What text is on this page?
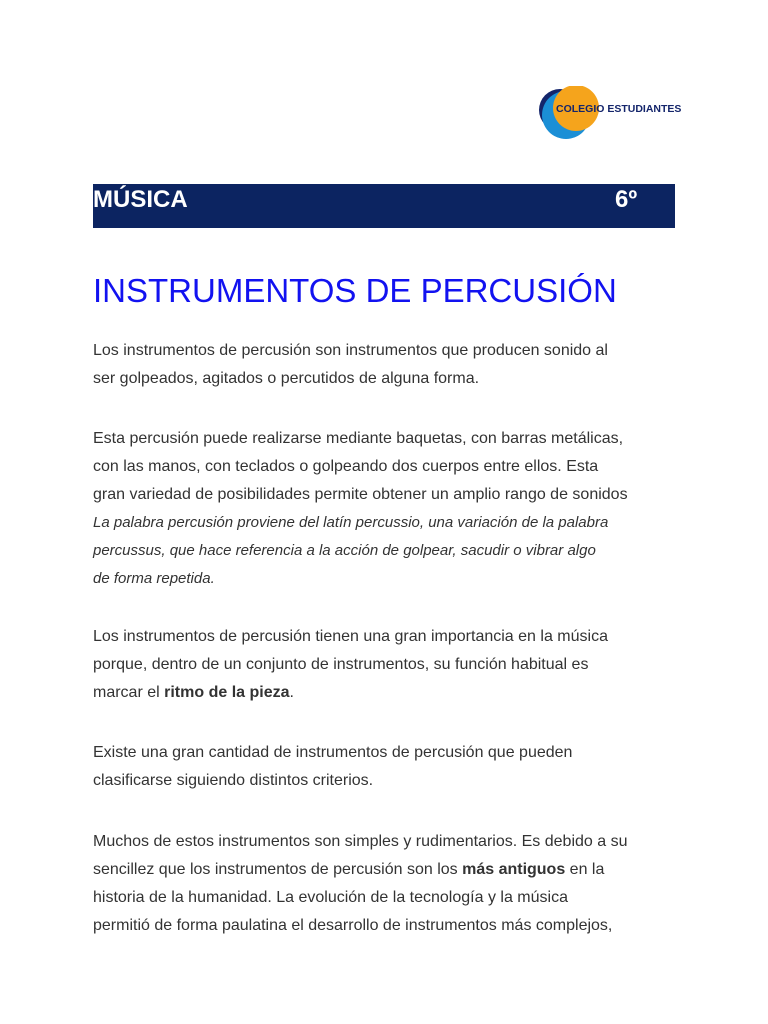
COLEGIO ESTUDIANTES
MÚSICA	6º
INSTRUMENTOS DE PERCUSIÓN

Los instrumentos de percusión son instrumentos que producen sonido al
ser golpeados, agitados o percutidos de alguna forma.

Esta percusión puede realizarse mediante baquetas, con barras metálicas,
con las manos, con teclados o golpeando dos cuerpos entre ellos. Esta
gran variedad de posibilidades permite obtener un amplio rango de sonidos
La palabra percusión proviene del latín percussio, una variación de la palabra
percussus, que hace referencia a la acción de golpear, sacudir o vibrar algo
de forma repetida.

Los instrumentos de percusión tienen una gran importancia en la música
porque, dentro de un conjunto de instrumentos, su función habitual es
marcar el ritmo de la pieza.

Existe una gran cantidad de instrumentos de percusión que pueden
clasificarse siguiendo distintos criterios.

Muchos de estos instrumentos son simples y rudimentarios. Es debido a su
sencillez que los instrumentos de percusión son los más antiguos en la
historia de la humanidad. La evolución de la tecnología y la música
permitió de forma paulatina el desarrollo de instrumentos más complejos,
